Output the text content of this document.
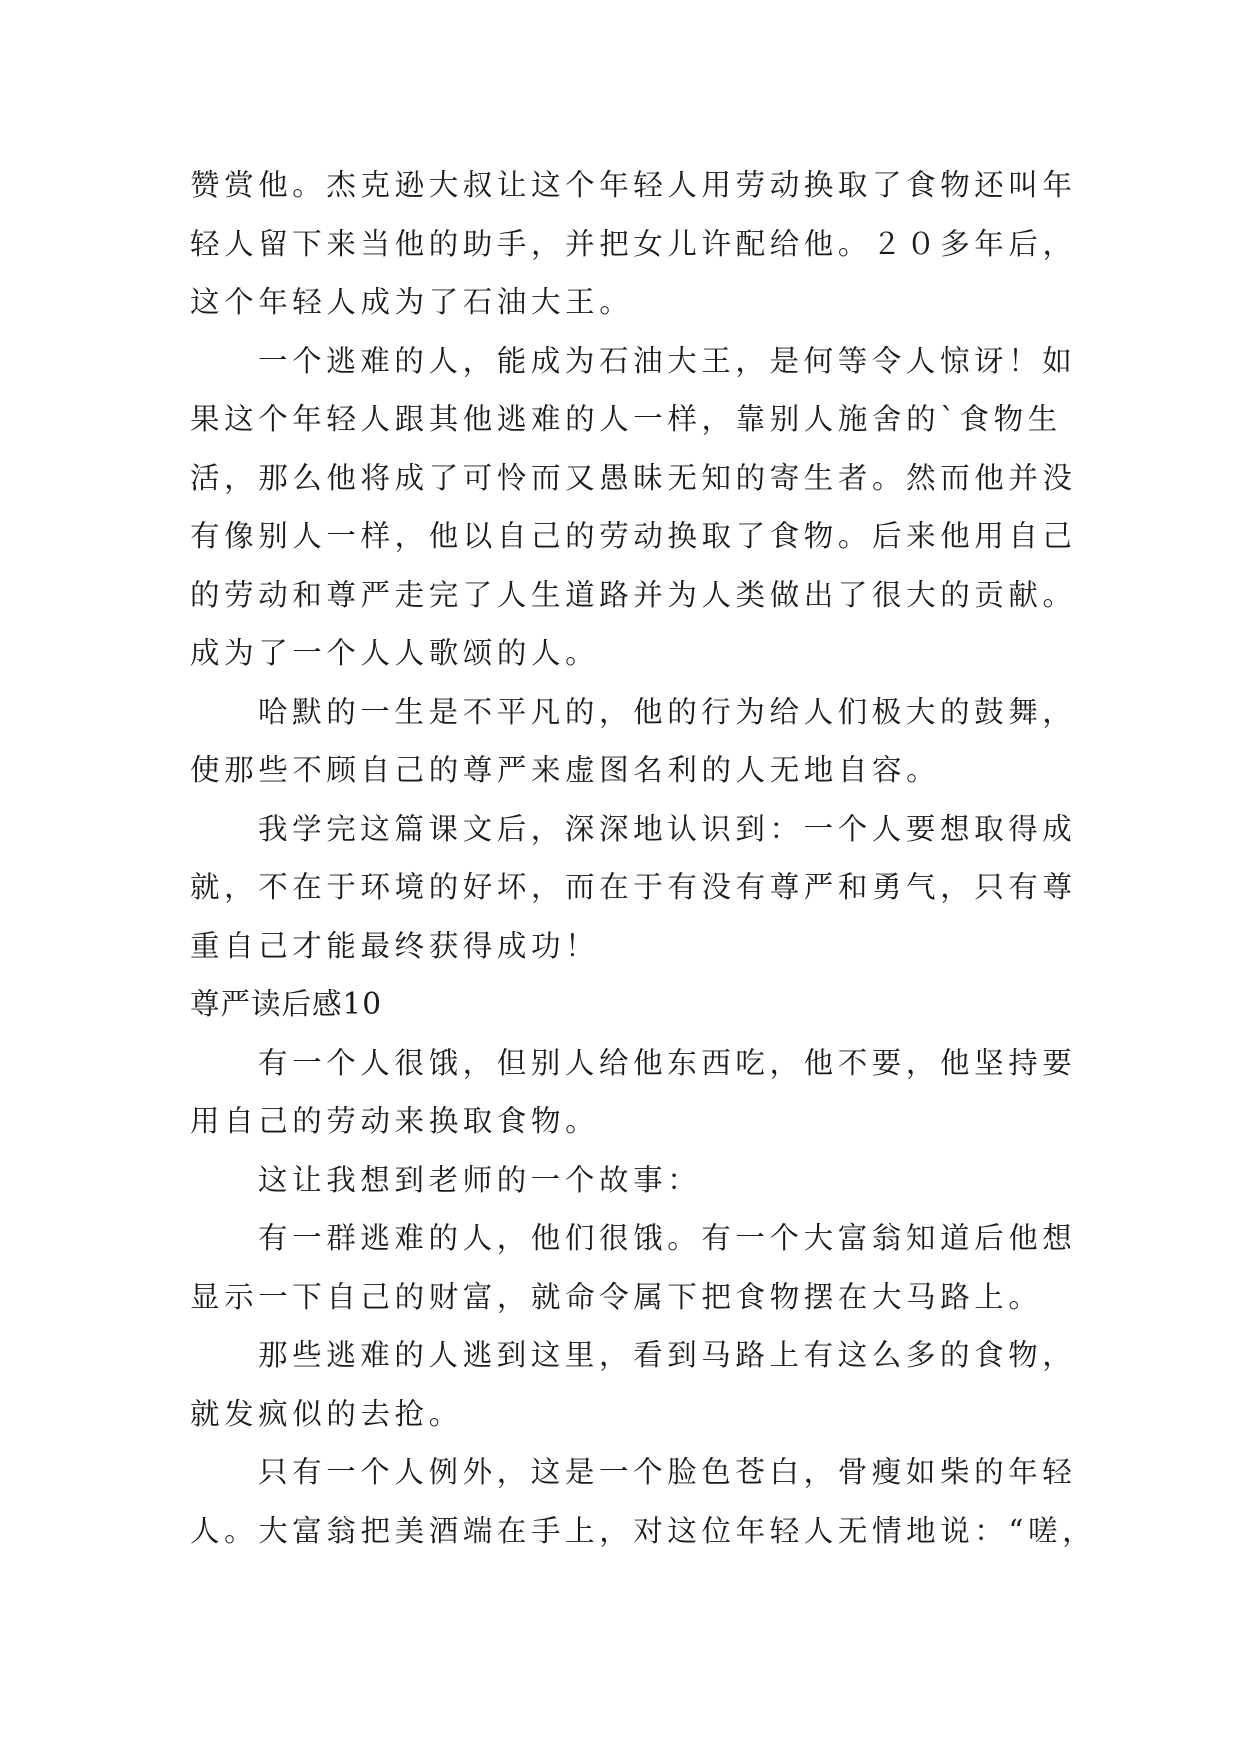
赞赏他。杰克逊大叔让这个年轻人用劳动换取了食物还叫年
轻人留下来当他的助手，并把女儿许配给他。２０多年后，
这个年轻人成为了石油大王。
一个逃难的人，能成为石油大王，是何等令人惊讶！如
果这个年轻人跟其他逃难的人一样，靠别人施舍的`食物生
活，那么他将成了可怜而又愚昧无知的寄生者。然而他并没
有像别人一样，他以自己的劳动换取了食物。后来他用自己
的劳动和尊严走完了人生道路并为人类做出了很大的贡献。
成为了一个人人歌颂的人。
哈默的一生是不平凡的，他的行为给人们极大的鼓舞，
使那些不顾自己的尊严来虚图名利的人无地自容。
我学完这篇课文后，深深地认识到：一个人要想取得成
就，不在于环境的好坏，而在于有没有尊严和勇气，只有尊
重自己才能最终获得成功！
尊严读后感10
有一个人很饿，但别人给他东西吃，他不要，他坚持要
用自己的劳动来换取食物。
这让我想到老师的一个故事：
有一群逃难的人，他们很饿。有一个大富翁知道后他想
显示一下自己的财富，就命令属下把食物摆在大马路上。
那些逃难的人逃到这里，看到马路上有这么多的食物，
就发疯似的去抢。
只有一个人例外，这是一个脸色苍白，骨瘦如柴的年轻
人。大富翁把美酒端在手上，对这位年轻人无情地说：“嗟，
